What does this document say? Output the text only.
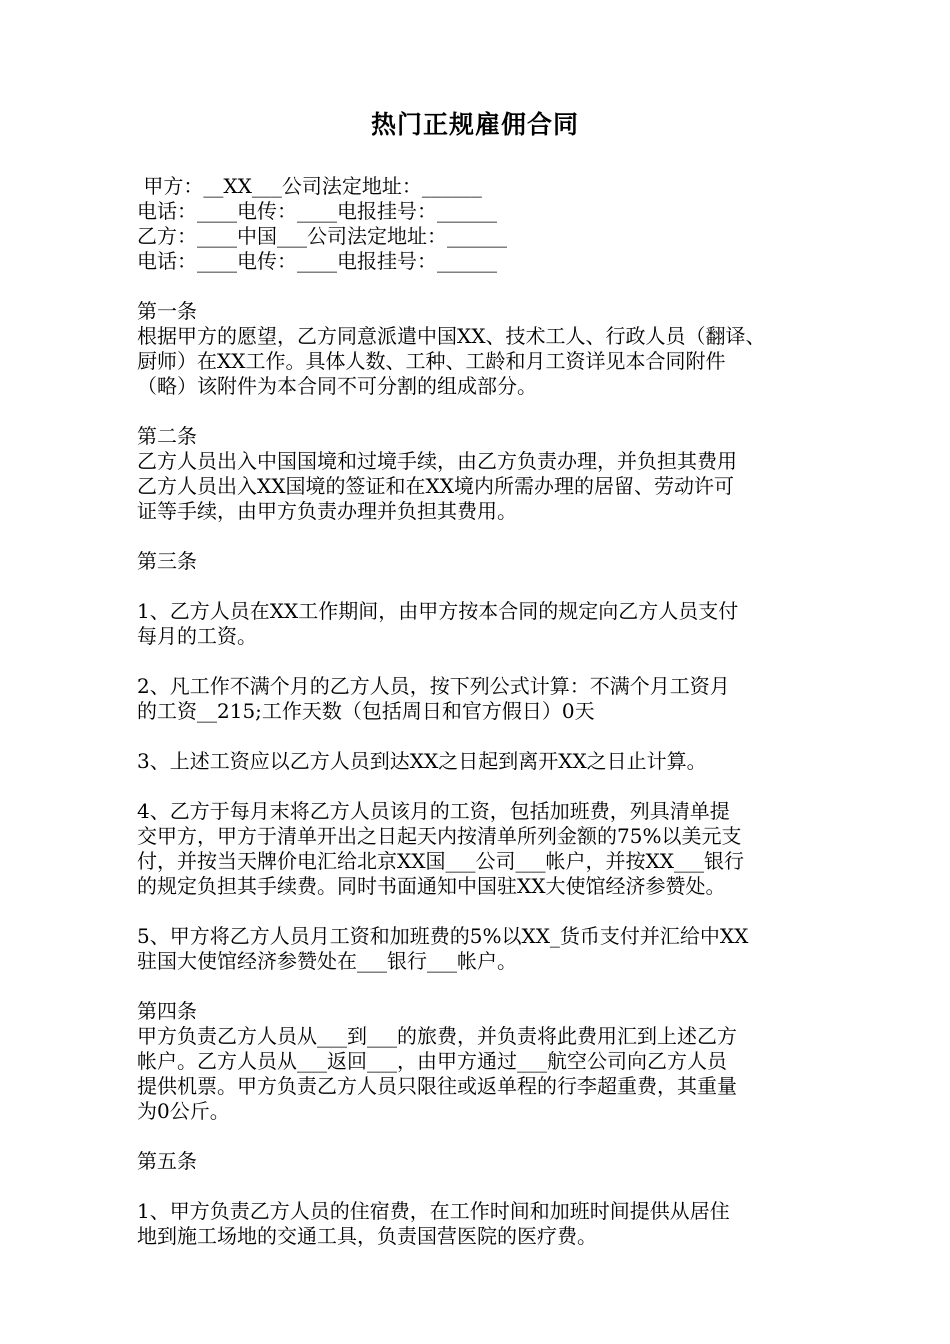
热门正规雇佣合同

甲方：__XX___公司法定地址：______

电话：____电传：____电报挂号：______

乙方：____中国___公司法定地址：______

电话：____电传：____电报挂号：______

第一条

根据甲方的愿望，乙方同意派遣中国XX、技术工人、行政人员（翻译、

厨师）在XX工作。具体人数、工种、工龄和月工资详见本合同附件

（略）该附件为本合同不可分割的组成部分。

第二条

乙方人员出入中国国境和过境手续，由乙方负责办理，并负担其费用

乙方人员出入XX国境的签证和在XX境内所需办理的居留、劳动许可

证等手续，由甲方负责办理并负担其费用。

第三条

1、乙方人员在XX工作期间，由甲方按本合同的规定向乙方人员支付

每月的工资。

2、凡工作不满个月的乙方人员，按下列公式计算：不满个月工资月

的工资__215;工作天数（包括周日和官方假日）0天

3、上述工资应以乙方人员到达XX之日起到离开XX之日止计算。

4、乙方于每月末将乙方人员该月的工资，包括加班费，列具清单提

交甲方，甲方于清单开出之日起天内按清单所列金额的75%以美元支

付，并按当天牌价电汇给北京XX国___公司___帐户，并按XX___银行

的规定负担其手续费。同时书面通知中国驻XX大使馆经济参赞处。

5、甲方将乙方人员月工资和加班费的5%以XX_货币支付并汇给中XX

驻国大使馆经济参赞处在___银行___帐户。

第四条

甲方负责乙方人员从___到___的旅费，并负责将此费用汇到上述乙方

帐户。乙方人员从___返回___，由甲方通过___航空公司向乙方人员

提供机票。甲方负责乙方人员只限往或返单程的行李超重费，其重量

为0公斤。

第五条

1、甲方负责乙方人员的住宿费，在工作时间和加班时间提供从居住

地到施工场地的交通工具，负责国营医院的医疗费。
